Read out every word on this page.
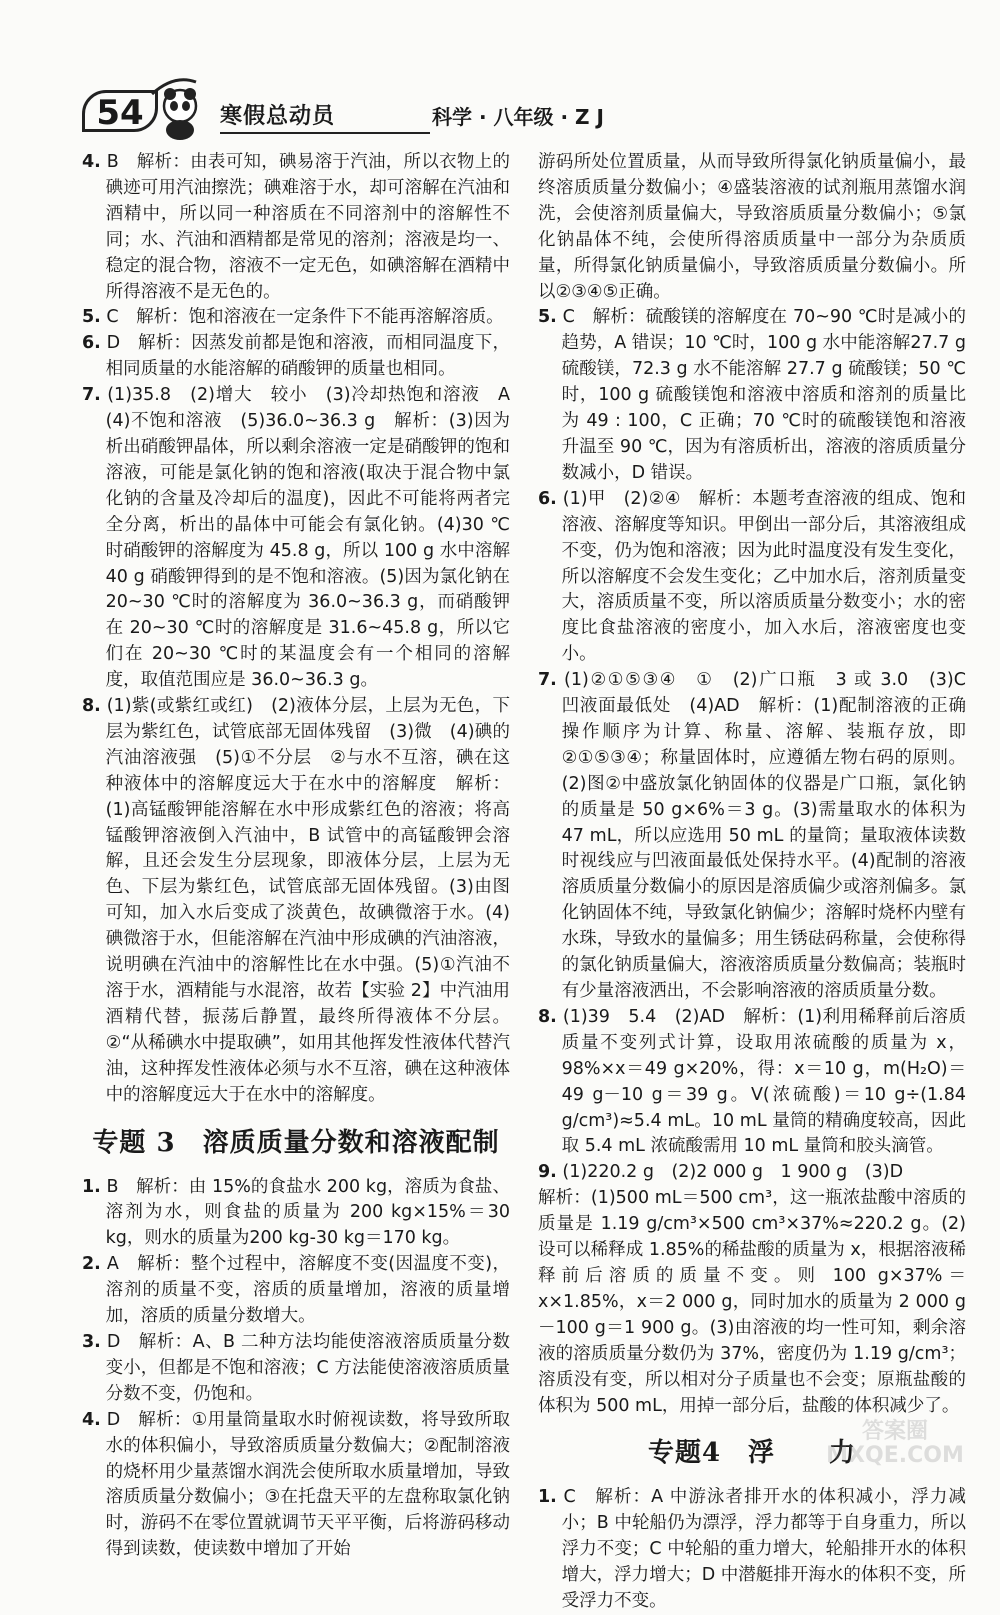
54	寒假总动员	科学 · 八年级 · Z J

4. B　解析：由表可知，碘易溶于汽油，所以衣物上的碘迹可用汽油擦洗；碘难溶于水，却可溶解在汽油和酒精中，所以同一种溶质在不同溶剂中的溶解性不同；水、汽油和酒精都是常见的溶剂；溶液是均一、稳定的混合物，溶液不一定无色，如碘溶解在酒精中所得溶液不是无色的。

5. C　解析：饱和溶液在一定条件下不能再溶解溶质。

6. D　解析：因蒸发前都是饱和溶液，而相同温度下，相同质量的水能溶解的硝酸钾的质量也相同。

7. (1)35.8　(2)增大　较小　(3)冷却热饱和溶液　A　(4)不饱和溶液　(5)36.0~36.3 g　解析：(3)因为析出硝酸钾晶体，所以剩余溶液一定是硝酸钾的饱和溶液，可能是氯化钠的饱和溶液(取决于混合物中氯化钠的含量及冷却后的温度)，因此不可能将两者完全分离，析出的晶体中可能会有氯化钠。(4)30 ℃时硝酸钾的溶解度为 45.8 g，所以 100 g 水中溶解 40 g 硝酸钾得到的是不饱和溶液。(5)因为氯化钠在 20~30 ℃时的溶解度为 36.0~36.3 g，而硝酸钾在 20~30 ℃时的溶解度是 31.6~45.8 g，所以它们在 20~30 ℃时的某温度会有一个相同的溶解度，取值范围应是 36.0~36.3 g。

8. (1)紫(或紫红或红)　(2)液体分层，上层为无色，下层为紫红色，试管底部无固体残留　(3)微　(4)碘的汽油溶液强　(5)①不分层　②与水不互溶，碘在这种液体中的溶解度远大于在水中的溶解度　解析：(1)高锰酸钾能溶解在水中形成紫红色的溶液；将高锰酸钾溶液倒入汽油中，B 试管中的高锰酸钾会溶解，且还会发生分层现象，即液体分层，上层为无色、下层为紫红色，试管底部无固体残留。(3)由图可知，加入水后变成了淡黄色，故碘微溶于水。(4)碘微溶于水，但能溶解在汽油中形成碘的汽油溶液，说明碘在汽油中的溶解性比在水中强。(5)①汽油不溶于水，酒精能与水混溶，故若【实验 2】中汽油用酒精代替，振荡后静置，最终所得液体不分层。②“从稀碘水中提取碘”，如用其他挥发性液体代替汽油，这种挥发性液体必须与水不互溶，碘在这种液体中的溶解度远大于在水中的溶解度。

专题 3　溶质质量分数和溶液配制

1. B　解析：由 15%的食盐水 200 kg，溶质为食盐、溶剂为水，则食盐的质量为 200 kg×15%＝30 kg，则水的质量为200 kg-30 kg＝170 kg。

2. A　解析：整个过程中，溶解度不变(因温度不变)，溶剂的质量不变，溶质的质量增加，溶液的质量增加，溶质的质量分数增大。

3. D　解析：A、B 二种方法均能使溶液溶质质量分数变小，但都是不饱和溶液；C 方法能使溶液溶质质量分数不变，仍饱和。

4. D　解析：①用量筒量取水时俯视读数，将导致所取水的体积偏小，导致溶质质量分数偏大；②配制溶液的烧杯用少量蒸馏水润洗会使所取水质量增加，导致溶质质量分数偏小；③在托盘天平的左盘称取氯化钠时，游码不在零位置就调节天平平衡，后将游码移动得到读数，使读数中增加了开始

游码所处位置质量，从而导致所得氯化钠质量偏小，最终溶质质量分数偏小；④盛装溶液的试剂瓶用蒸馏水润洗，会使溶剂质量偏大，导致溶质质量分数偏小；⑤氯化钠晶体不纯，会使所得溶质质量中一部分为杂质质量，所得氯化钠质量偏小，导致溶质质量分数偏小。所以②③④⑤正确。

5. C　解析：硫酸镁的溶解度在 70~90 ℃时是减小的趋势，A 错误；10 ℃时，100 g 水中能溶解27.7 g硫酸镁，72.3 g 水不能溶解 27.7 g 硫酸镁；50 ℃时，100 g 硫酸镁饱和溶液中溶质和溶剂的质量比为 49 : 100，C 正确；70 ℃时的硫酸镁饱和溶液升温至 90 ℃，因为有溶质析出，溶液的溶质质量分数减小，D 错误。

6. (1)甲　(2)②④　解析：本题考查溶液的组成、饱和溶液、溶解度等知识。甲倒出一部分后，其溶液组成不变，仍为饱和溶液；因为此时温度没有发生变化，所以溶解度不会发生变化；乙中加水后，溶剂质量变大，溶质质量不变，所以溶质质量分数变小；水的密度比食盐溶液的密度小，加入水后，溶液密度也变小。

7. (1)②①⑤③④　①　(2)广口瓶　3 或 3.0　(3)C　凹液面最低处　(4)AD　解析：(1)配制溶液的正确操作顺序为计算、称量、溶解、装瓶存放，即②①⑤③④；称量固体时，应遵循左物右码的原则。(2)图②中盛放氯化钠固体的仪器是广口瓶，氯化钠的质量是 50 g×6%＝3 g。(3)需量取水的体积为 47 mL，所以应选用 50 mL 的量筒；量取液体读数时视线应与凹液面最低处保持水平。(4)配制的溶液溶质质量分数偏小的原因是溶质偏少或溶剂偏多。氯化钠固体不纯，导致氯化钠偏少；溶解时烧杯内壁有水珠，导致水的量偏多；用生锈砝码称量，会使称得的氯化钠质量偏大，溶液溶质质量分数偏高；装瓶时有少量溶液洒出，不会影响溶液的溶质质量分数。

8. (1)39　5.4　(2)AD　解析：(1)利用稀释前后溶质质量不变列式计算，设取用浓硫酸的质量为 x，98%×x＝49 g×20%，得：x＝10 g，m(H₂O)＝49 g－10 g＝39 g。V(浓硫酸)＝10 g÷(1.84 g/cm³)≈5.4 mL。10 mL 量筒的精确度较高，因此取 5.4 mL 浓硫酸需用 10 mL 量筒和胶头滴管。

9. (1)220.2 g　(2)2 000 g　1 900 g　(3)D

解析：(1)500 mL＝500 cm³，这一瓶浓盐酸中溶质的质量是 1.19 g/cm³×500 cm³×37%≈220.2 g。(2)设可以稀释成 1.85%的稀盐酸的质量为 x，根据溶液稀释前后溶质的质量不变。则 100 g×37%＝x×1.85%，x＝2 000 g，同时加水的质量为 2 000 g－100 g＝1 900 g。(3)由溶液的均一性可知，剩余溶液的溶质质量分数仍为 37%，密度仍为 1.19 g/cm³；溶质没有变，所以相对分子质量也不会变；原瓶盐酸的体积为 500 mL，用掉一部分后，盐酸的体积减少了。

专题4　浮　　力

1. C　解析：A 中游泳者排开水的体积减小，浮力减小；B 中轮船仍为漂浮，浮力都等于自身重力，所以浮力不变；C 中轮船的重力增大，轮船排开水的体积增大，浮力增大；D 中潜艇排开海水的体积不变，所受浮力不变。

答案圈 MXQE.COM
